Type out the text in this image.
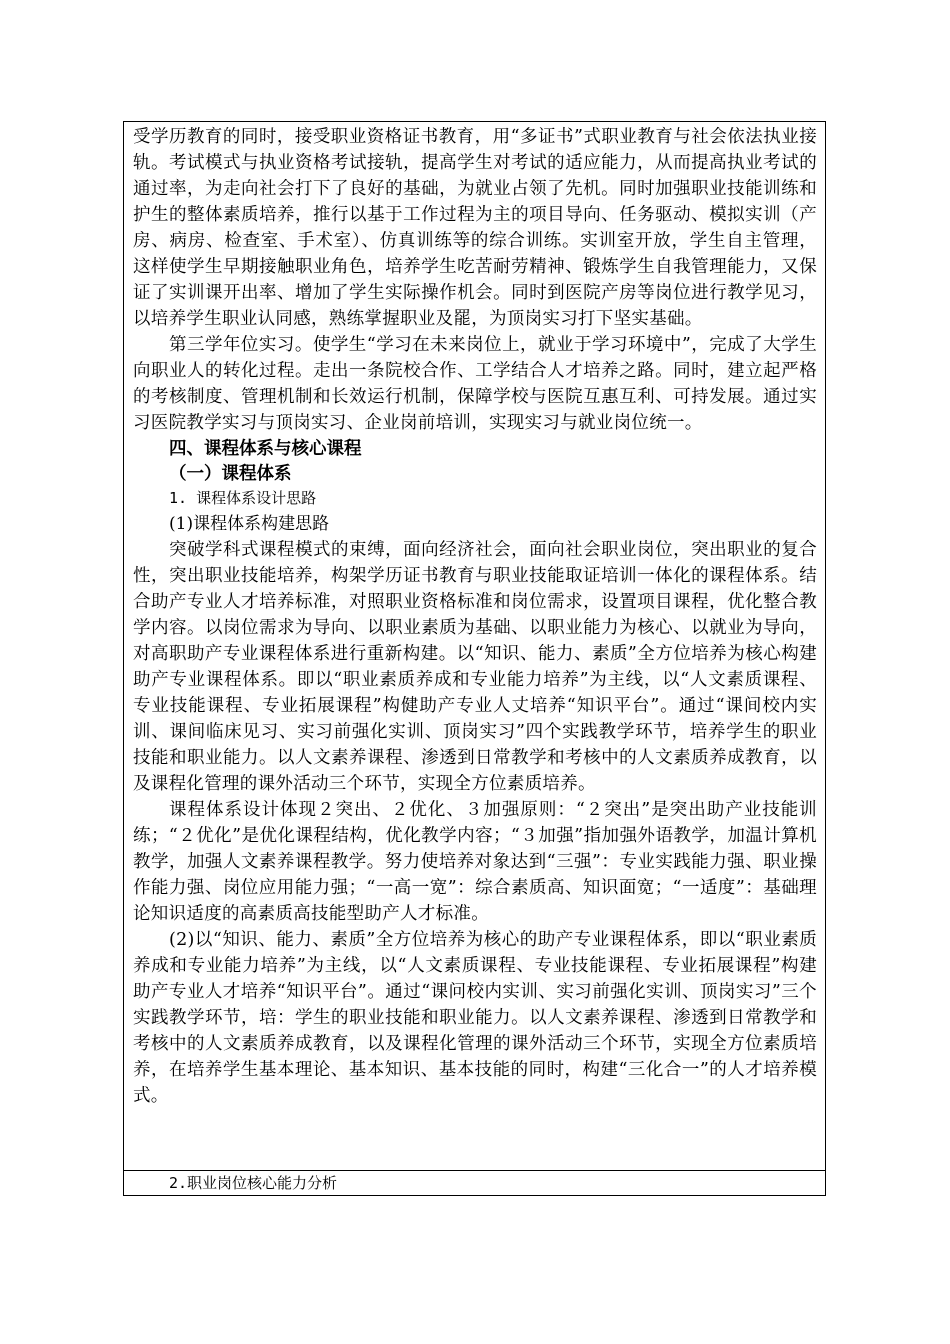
受学历教育的同时，接受职业资格证书教育，用“多证书”式职业教育与社会依法执业接轨。考试模式与执业资格考试接轨，提高学生对考试的适应能力，从而提高执业考试的通过率，为走向社会打下了良好的基础，为就业占领了先机。同时加强职业技能训练和护生的整体素质培养，推行以基于工作过程为主的项目导向、任务驱动、模拟实训（产房、病房、检查室、手术室）、仿真训练等的综合训练。实训室开放，学生自主管理，这样使学生早期接触职业角色，培养学生吃苦耐劳精神、锻炼学生自我管理能力，又保证了实训课开出率、增加了学生实际操作机会。同时到医院产房等岗位进行教学见习，以培养学生职业认同感，熟练掌握职业及罷，为顶岗实习打下坚实基础。

第三学年位实习。使学生“学习在未来岗位上，就业于学习环境中”，完成了大学生向职业人的转化过程。走出一条院校合作、工学结合人才培养之路。同时，建立起严格的考核制度、管理机制和长效运行机制，保障学校与医院互惠互利、可持发展。通过实习医院教学实习与顶岗实习、企业岗前培训，实现实习与就业岗位统一。

四、课程体系与核心课程
（一）课程体系
1. 课程体系设计思路
(1)课程体系构建思路

突破学科式课程模式的束缚，面向经济社会，面向社会职业岗位，突出职业的复合性，突出职业技能培养，构架学历证书教育与职业技能取证培训一体化的课程体系。结合助产专业人才培养标准，对照职业资格标准和岗位需求，设置项目课程，优化整合教学内容。以岗位需求为导向、以职业素质为基础、以职业能力为核心、以就业为导向，对高职助产专业课程体系进行重新构建。以“知识、能力、素质”全方位培养为核心构建助产专业课程体系。即以“职业素质养成和专业能力培养”为主线，以“人文素质课程、专业技能课程、专业拓展课程”构健助产专业人丈培养“知识平台”。通过“课间校内实训、课间临床见习、实习前强化实训、顶岗实习”四个实践教学环节，培养学生的职业技能和职业能力。以人文素养课程、渗透到日常教学和考核中的人文素质养成教育，以及课程化管理的课外活动三个环节，实现全方位素质培养。

课程体系设计体现２突出、２优化、３加强原则：“２突出”是突出助产业技能训练；“２优化”是优化课程结构，优化教学内容；“３加强”指加强外语教学，加温计算机教学，加强人文素养课程教学。努力使培养对象达到“三强”：专业实践能力强、职业操作能力强、岗位应用能力强；“一高一宽”：综合素质高、知识面宽；“一适度”：基础理论知识适度的高素质高技能型助产人才标准。

(2)以“知识、能力、素质”全方位培养为核心的助产专业课程体系，即以“职业素质养成和专业能力培养”为主线，以“人文素质课程、专业技能课程、专业拓展课程”构建助产专业人才培养“知识平台”。通过“课问校内实训、实习前强化实训、顶岗实习”三个实践教学环节，培：学生的职业技能和职业能力。以人文素养课程、渗透到日常教学和考核中的人文素质养成教育，以及课程化管理的课外活动三个环节，实现全方位素质培养，在培养学生基本理论、基本知识、基本技能的同时，构建“三化合一”的人才培养模式。

2.职业岗位核心能力分析
